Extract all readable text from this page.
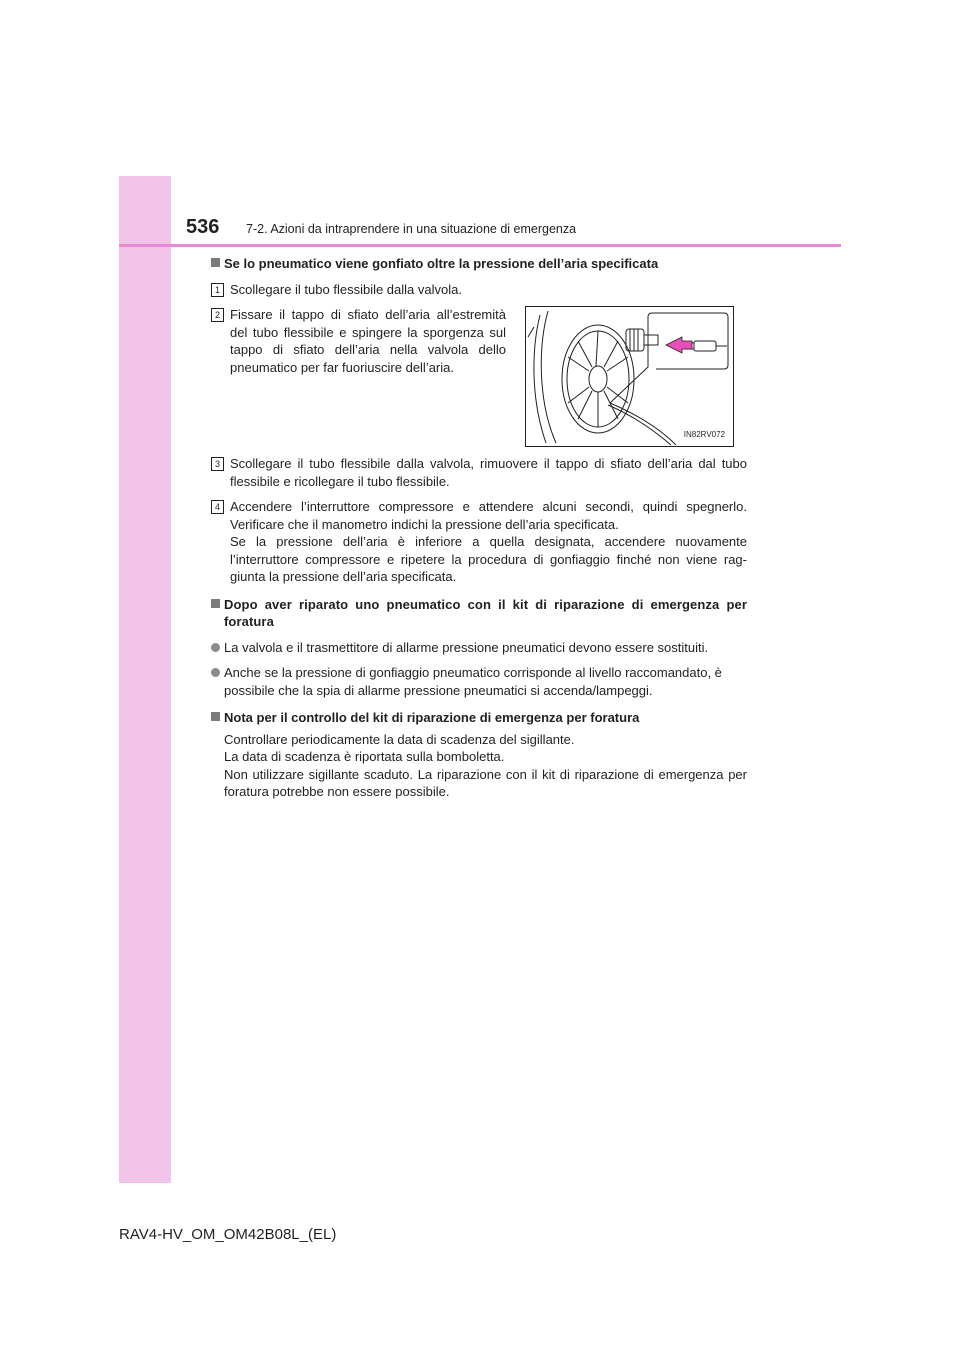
536 7-2. Azioni da intraprendere in una situazione di emergenza
Se lo pneumatico viene gonfiato oltre la pressione dell’aria specificata
1 Scollegare il tubo flessibile dalla valvola.
2 Fissare il tappo di sfiato dell’aria all’estremità del tubo flessibile e spingere la sporgenza sul tappo di sfiato dell’aria nella valvola dello pneumatico per far fuoriuscire dell’aria.
IN82RV072
3 Scollegare il tubo flessibile dalla valvola, rimuovere il tappo di sfiato dell’aria dal tubo flessibile e ricollegare il tubo flessibile.
4 Accendere l’interruttore compressore e attendere alcuni secondi, quindi spegnerlo. Verificare che il manometro indichi la pressione dell’aria specificata.
Se la pressione dell’aria è inferiore a quella designata, accendere nuovamente l’interruttore compressore e ripetere la procedura di gonfiaggio finché non viene rag-giunta la pressione dell’aria specificata.
Dopo aver riparato uno pneumatico con il kit di riparazione di emergenza per foratura
La valvola e il trasmettitore di allarme pressione pneumatici devono essere sostituiti.
Anche se la pressione di gonfiaggio pneumatico corrisponde al livello raccomandato, è possibile che la spia di allarme pressione pneumatici si accenda/lampeggi.
Nota per il controllo del kit di riparazione di emergenza per foratura
Controllare periodicamente la data di scadenza del sigillante.
La data di scadenza è riportata sulla bomboletta.
Non utilizzare sigillante scaduto. La riparazione con il kit di riparazione di emergenza per foratura potrebbe non essere possibile.
RAV4-HV_OM_OM42B08L_(EL)
